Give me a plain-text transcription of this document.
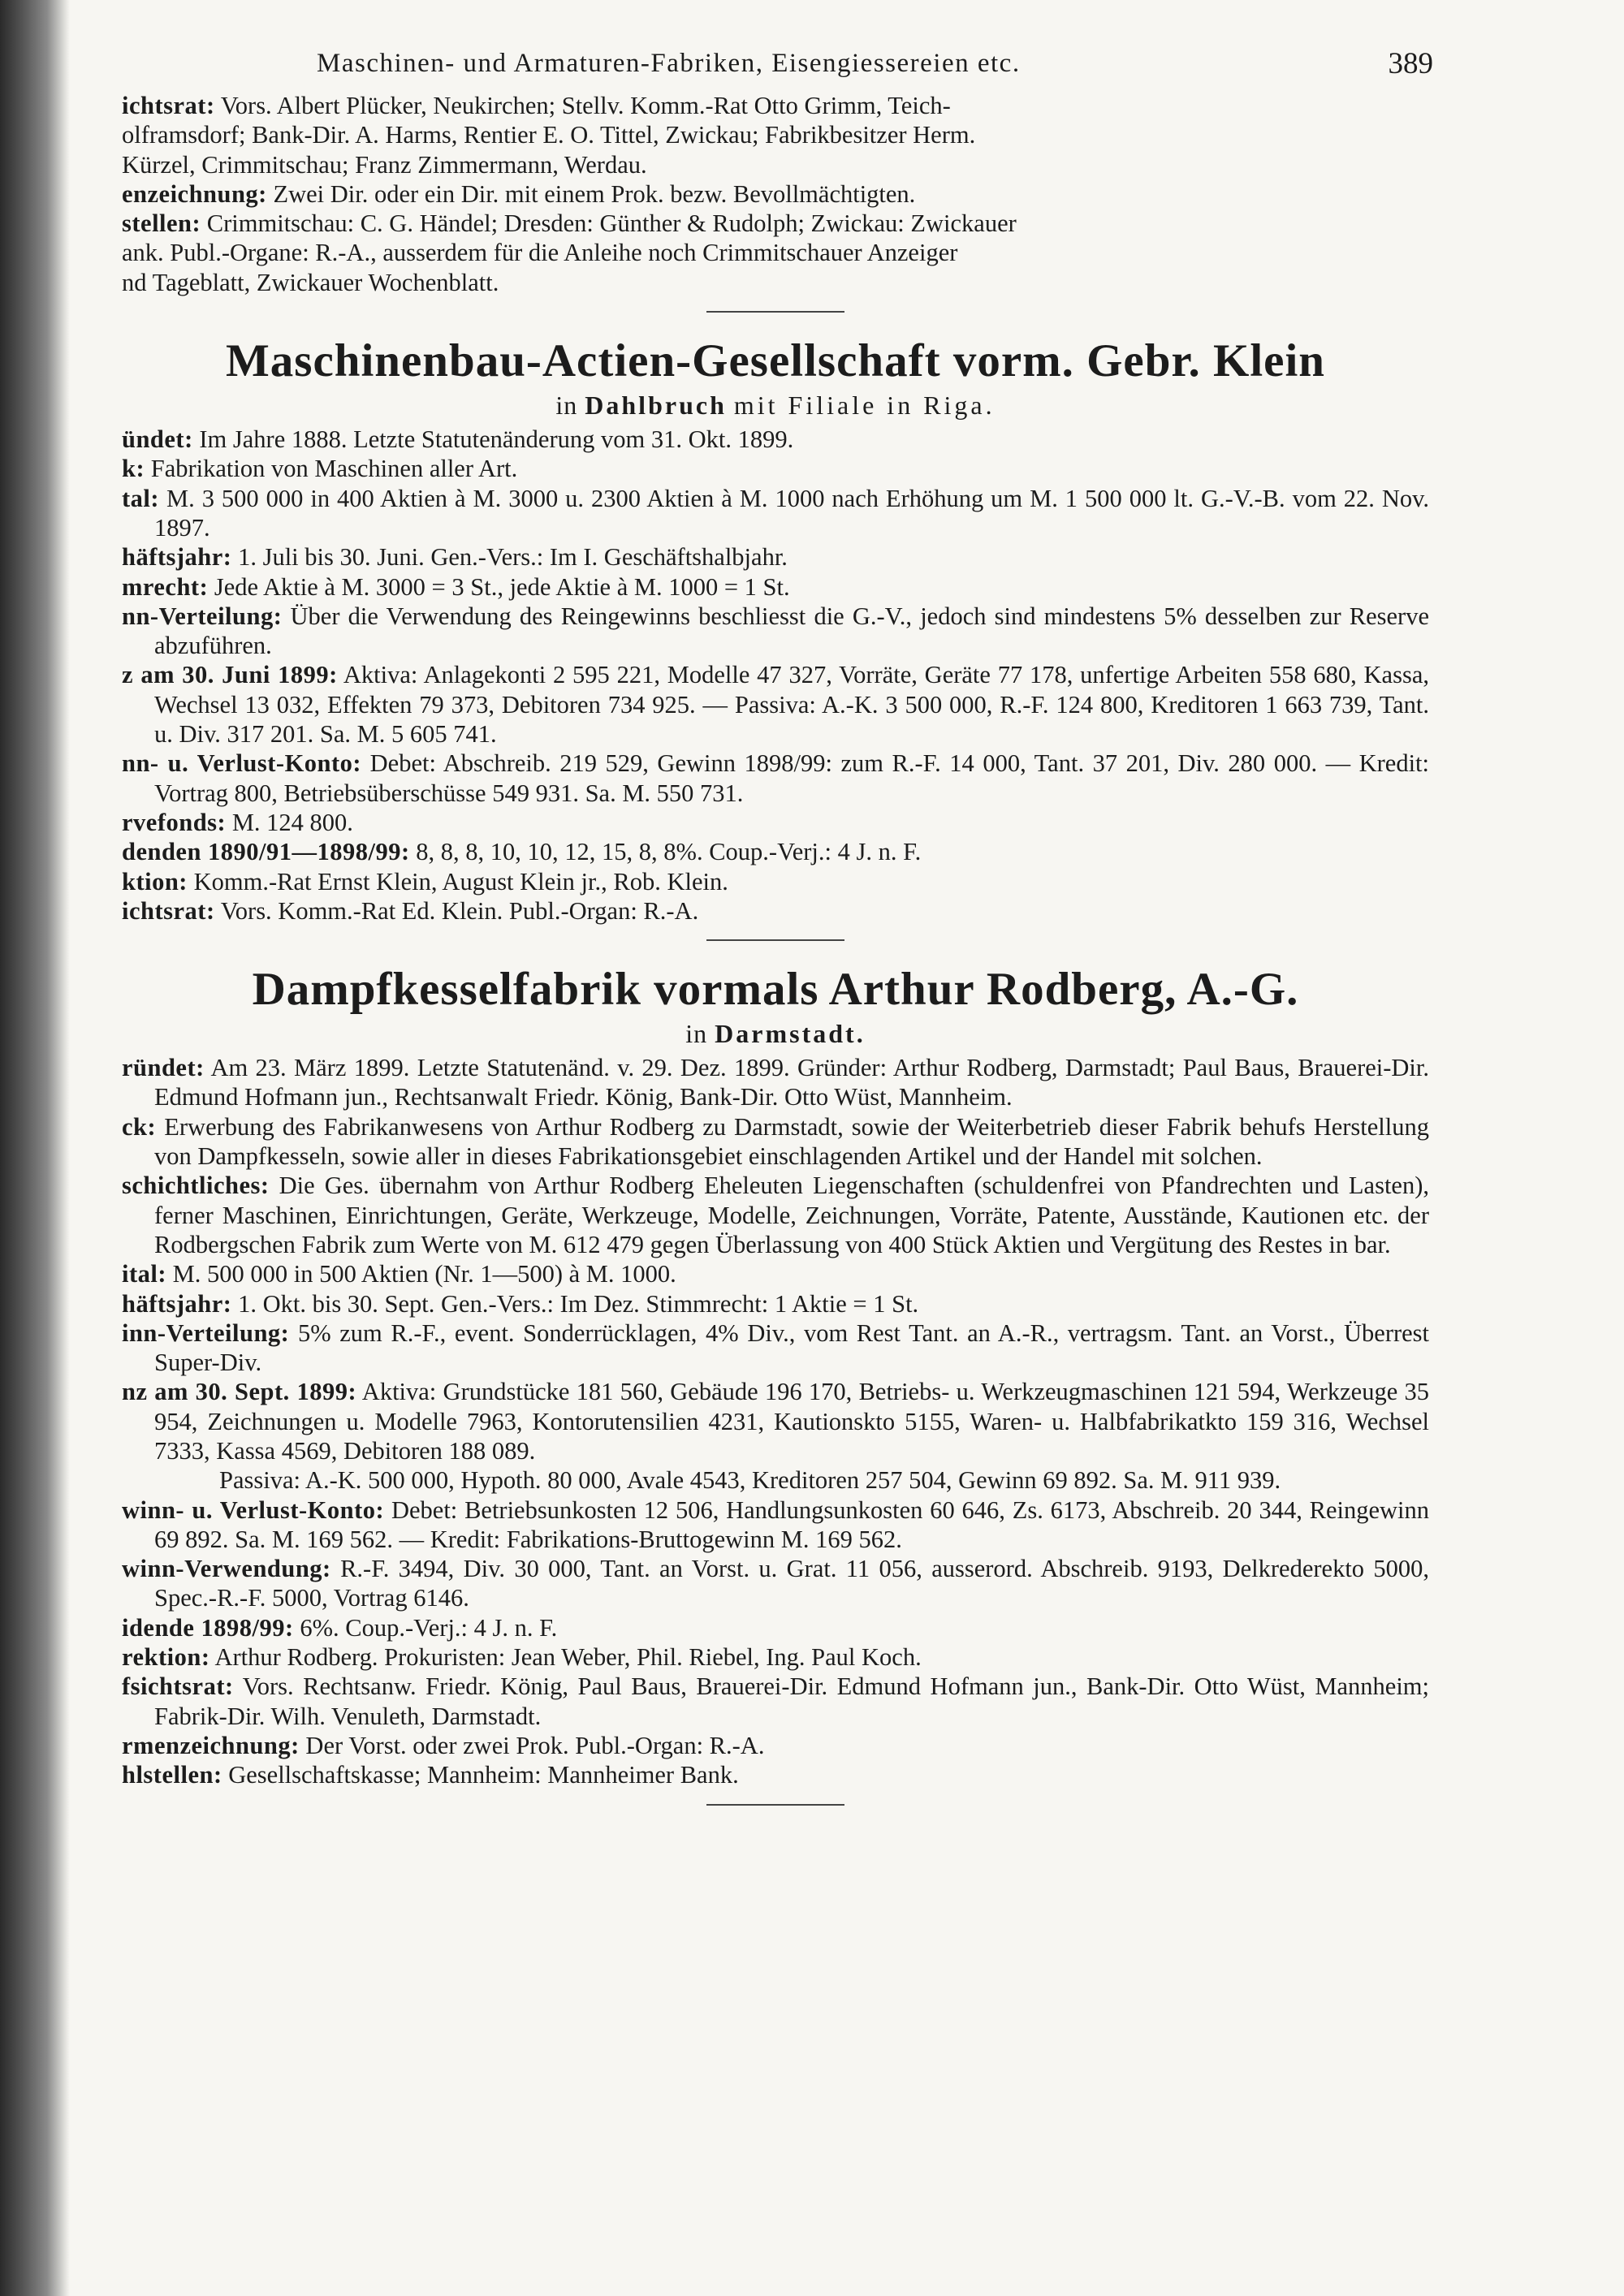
Maschinen- und Armaturen-Fabriken, Eisengiessereien etc.	389

ichtsrat: Vors. Albert Plücker, Neukirchen; Stellv. Komm.-Rat Otto Grimm, Teich-

olframsdorf; Bank-Dir. A. Harms, Rentier E. O. Tittel, Zwickau; Fabrikbesitzer Herm.

Kürzel, Crimmitschau; Franz Zimmermann, Werdau.

enzeichnung: Zwei Dir. oder ein Dir. mit einem Prok. bezw. Bevollmächtigten.

stellen: Crimmitschau: C. G. Händel; Dresden: Günther & Rudolph; Zwickau: Zwickauer

ank. Publ.-Organe: R.-A., ausserdem für die Anleihe noch Crimmitschauer Anzeiger

nd Tageblatt, Zwickauer Wochenblatt.

Maschinenbau-Actien-Gesellschaft vorm. Gebr. Klein
in Dahlbruch mit Filiale in Riga.

ündet: Im Jahre 1888. Letzte Statutenänderung vom 31. Okt. 1899.

k: Fabrikation von Maschinen aller Art.

tal: M. 3 500 000 in 400 Aktien à M. 3000 u. 2300 Aktien à M. 1000 nach Erhöhung um M. 1 500 000 lt. G.-V.-B. vom 22. Nov. 1897.

häftsjahr: 1. Juli bis 30. Juni. Gen.-Vers.: Im I. Geschäftshalbjahr.

mrecht: Jede Aktie à M. 3000 = 3 St., jede Aktie à M. 1000 = 1 St.

nn-Verteilung: Über die Verwendung des Reingewinns beschliesst die G.-V., jedoch sind mindestens 5% desselben zur Reserve abzuführen.

z am 30. Juni 1899: Aktiva: Anlagekonti 2 595 221, Modelle 47 327, Vorräte, Geräte 77 178, unfertige Arbeiten 558 680, Kassa, Wechsel 13 032, Effekten 79 373, Debitoren 734 925. — Passiva: A.-K. 3 500 000, R.-F. 124 800, Kreditoren 1 663 739, Tant. u. Div. 317 201. Sa. M. 5 605 741.

nn- u. Verlust-Konto: Debet: Abschreib. 219 529, Gewinn 1898/99: zum R.-F. 14 000, Tant. 37 201, Div. 280 000. — Kredit: Vortrag 800, Betriebsüberschüsse 549 931. Sa. M. 550 731.

rvefonds: M. 124 800.

denden 1890/91—1898/99: 8, 8, 8, 10, 10, 12, 15, 8, 8%. Coup.-Verj.: 4 J. n. F.

ktion: Komm.-Rat Ernst Klein, August Klein jr., Rob. Klein.

ichtsrat: Vors. Komm.-Rat Ed. Klein. Publ.-Organ: R.-A.

Dampfkesselfabrik vormals Arthur Rodberg, A.-G.
in Darmstadt.

ründet: Am 23. März 1899. Letzte Statutenänd. v. 29. Dez. 1899. Gründer: Arthur Rodberg, Darmstadt; Paul Baus, Brauerei-Dir. Edmund Hofmann jun., Rechtsanwalt Friedr. König, Bank-Dir. Otto Wüst, Mannheim.

ck: Erwerbung des Fabrikanwesens von Arthur Rodberg zu Darmstadt, sowie der Weiterbetrieb dieser Fabrik behufs Herstellung von Dampfkesseln, sowie aller in dieses Fabrikationsgebiet einschlagenden Artikel und der Handel mit solchen.

schichtliches: Die Ges. übernahm von Arthur Rodberg Eheleuten Liegenschaften (schuldenfrei von Pfandrechten und Lasten), ferner Maschinen, Einrichtungen, Geräte, Werkzeuge, Modelle, Zeichnungen, Vorräte, Patente, Ausstände, Kautionen etc. der Rodbergschen Fabrik zum Werte von M. 612 479 gegen Überlassung von 400 Stück Aktien und Vergütung des Restes in bar.

ital: M. 500 000 in 500 Aktien (Nr. 1—500) à M. 1000.

häftsjahr: 1. Okt. bis 30. Sept. Gen.-Vers.: Im Dez. Stimmrecht: 1 Aktie = 1 St.

inn-Verteilung: 5% zum R.-F., event. Sonderrücklagen, 4% Div., vom Rest Tant. an A.-R., vertragsm. Tant. an Vorst., Überrest Super-Div.

nz am 30. Sept. 1899: Aktiva: Grundstücke 181 560, Gebäude 196 170, Betriebs- u. Werkzeugmaschinen 121 594, Werkzeuge 35 954, Zeichnungen u. Modelle 7963, Kontorutensilien 4231, Kautionskto 5155, Waren- u. Halbfabrikatkto 159 316, Wechsel 7333, Kassa 4569, Debitoren 188 089.

Passiva: A.-K. 500 000, Hypoth. 80 000, Avale 4543, Kreditoren 257 504, Gewinn 69 892. Sa. M. 911 939.

winn- u. Verlust-Konto: Debet: Betriebsunkosten 12 506, Handlungsunkosten 60 646, Zs. 6173, Abschreib. 20 344, Reingewinn 69 892. Sa. M. 169 562. — Kredit: Fabrikations-Bruttogewinn M. 169 562.

winn-Verwendung: R.-F. 3494, Div. 30 000, Tant. an Vorst. u. Grat. 11 056, ausserord. Abschreib. 9193, Delkrederekto 5000, Spec.-R.-F. 5000, Vortrag 6146.

idende 1898/99: 6%. Coup.-Verj.: 4 J. n. F.

rektion: Arthur Rodberg. Prokuristen: Jean Weber, Phil. Riebel, Ing. Paul Koch.

fsichtsrat: Vors. Rechtsanw. Friedr. König, Paul Baus, Brauerei-Dir. Edmund Hofmann jun., Bank-Dir. Otto Wüst, Mannheim; Fabrik-Dir. Wilh. Venuleth, Darmstadt.

rmenzeichnung: Der Vorst. oder zwei Prok. Publ.-Organ: R.-A.

hlstellen: Gesellschaftskasse; Mannheim: Mannheimer Bank.
